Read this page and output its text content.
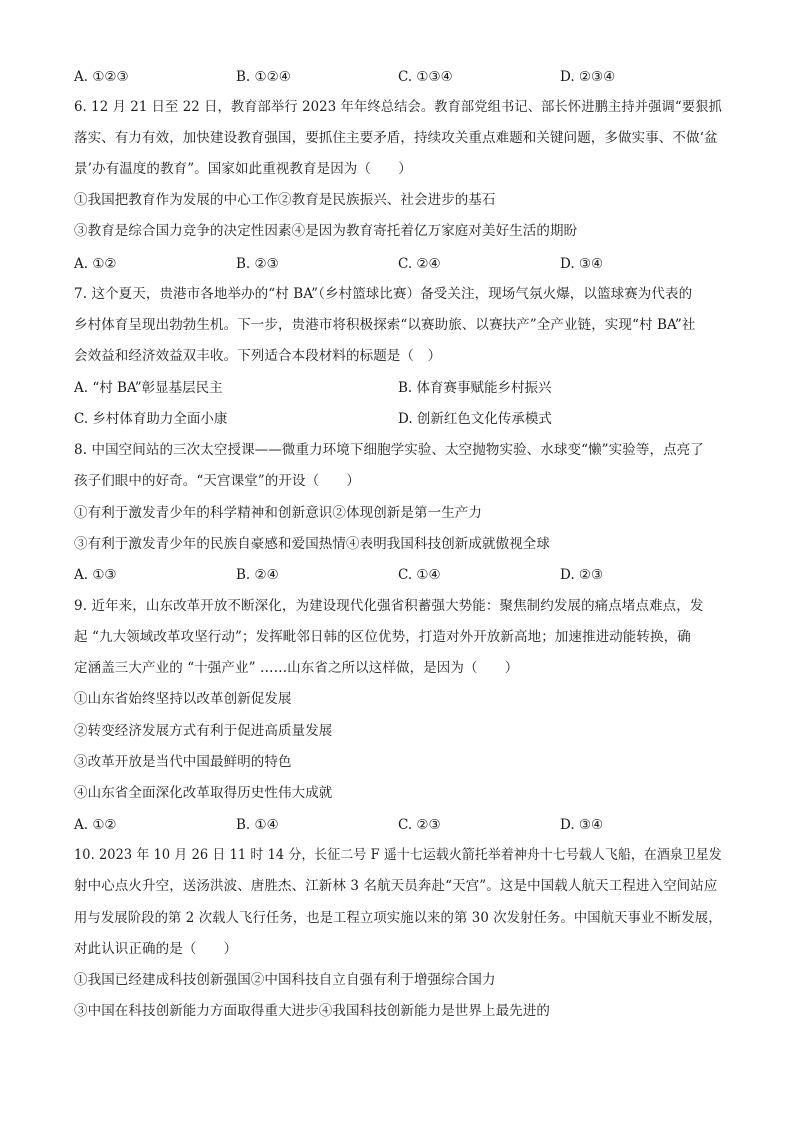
A. ①②③	B. ①②④	C. ①③④	D. ②③④
6. 12 月 21 日至 22 日，教育部举行 2023 年年终总结会。教育部党组书记、部长怀进鹏主持并强调“要狠抓
落实、有力有效，加快建设教育强国，要抓住主要矛盾，持续攻关重点难题和关键问题，多做实事、不做‘盆
景’办有温度的教育”。国家如此重视教育是因为（　　）
①我国把教育作为发展的中心工作②教育是民族振兴、社会进步的基石
③教育是综合国力竞争的决定性因素④是因为教育寄托着亿万家庭对美好生活的期盼
A. ①②	B. ②③	C. ②④	D. ③④
7. 这个夏天，贵港市各地举办的“村 BA”（乡村篮球比赛）备受关注，现场气氛火爆，以篮球赛为代表的
乡村体育呈现出勃勃生机。下一步，贵港市将积极探索“以赛助旅、以赛扶产”全产业链，实现“村 BA”社
会效益和经济效益双丰收。下列适合本段材料的标题是（　）
A. “村 BA”彰显基层民主	B. 体育赛事赋能乡村振兴
C. 乡村体育助力全面小康	D. 创新红色文化传承模式
8. 中国空间站的三次太空授课——微重力环境下细胞学实验、太空抛物实验、水球变“懒”实验等，点亮了
孩子们眼中的好奇。“天宫课堂”的开设（　　）
①有利于激发青少年的科学精神和创新意识②体现创新是第一生产力
③有利于激发青少年的民族自豪感和爱国热情④表明我国科技创新成就傲视全球
A. ①③	B. ②④	C. ①④	D. ②③
9. 近年来，山东改革开放不断深化，为建设现代化强省积蓄强大势能：聚焦制约发展的痛点堵点难点，发
起 “九大领域改革攻坚行动”；发挥毗邻日韩的区位优势，打造对外开放新高地；加速推进动能转换，确
定涵盖三大产业的 “十强产业” ……山东省之所以这样做，是因为（　　）
①山东省始终坚持以改革创新促发展
②转变经济发展方式有利于促进高质量发展
③改革开放是当代中国最鲜明的特色
④山东省全面深化改革取得历史性伟大成就
A. ①②	B. ①④	C. ②③	D. ③④
10. 2023 年 10 月 26 日 11 时 14 分，长征二号 F 遥十七运载火箭托举着神舟十七号载人飞船，在酒泉卫星发
射中心点火升空，送汤洪波、唐胜杰、江新林 3 名航天员奔赴“天宫”。这是中国载人航天工程进入空间站应
用与发展阶段的第 2 次载人飞行任务，也是工程立项实施以来的第 30 次发射任务。中国航天事业不断发展，
对此认识正确的是（　　）
①我国已经建成科技创新强国②中国科技自立自强有利于增强综合国力
③中国在科技创新能力方面取得重大进步④我国科技创新能力是世界上最先进的
